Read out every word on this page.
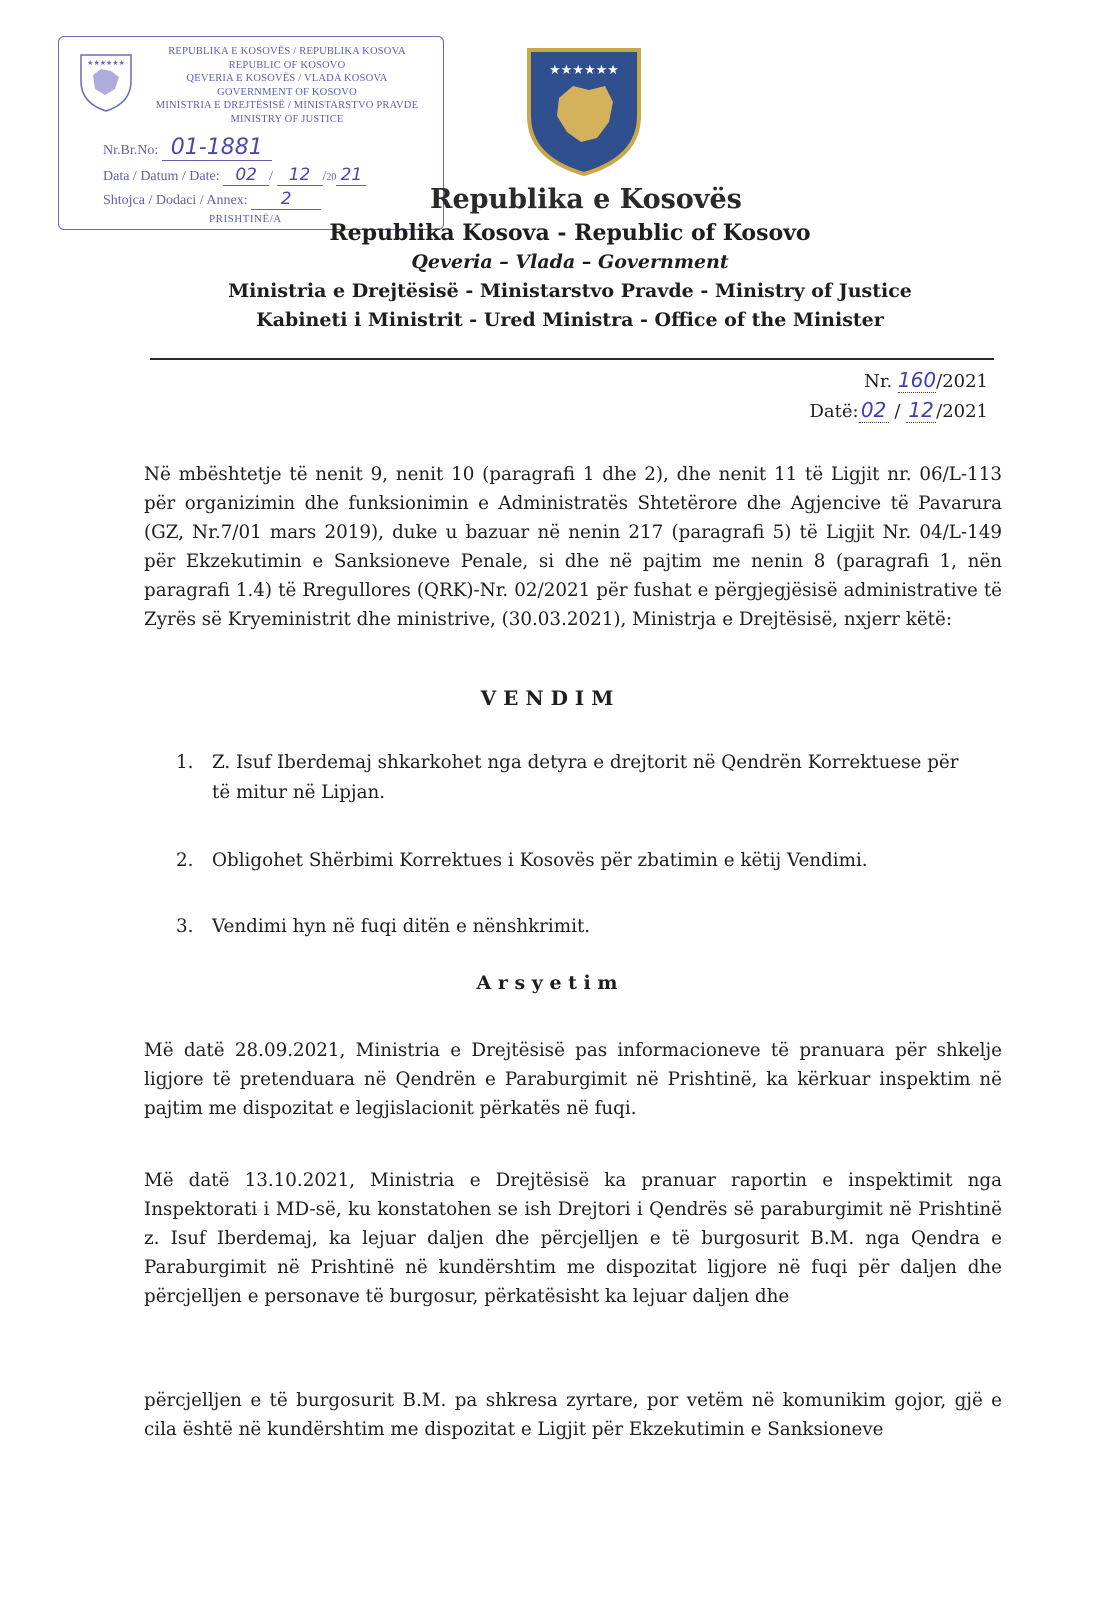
★★★★★★
REPUBLIKA E KOSOVËS / REPUBLIKA KOSOVA
REPUBLIC OF KOSOVO
QEVERIA E KOSOVËS / VLADA KOSOVA
GOVERNMENT OF KOSOVO
MINISTRIA E DREJTËSISË / MINISTARSTVO PRAVDE
MINISTRY OF JUSTICE
Nr.Br.No: 01-1881
Data / Datum / Date: 02 / 12 /20 21
Shtojca / Dodaci / Annex: 2
PRISHTINË/A
★★★★★★
Republika e Kosovës
Republika Kosova - Republic of Kosovo
Qeveria – Vlada – Government
Ministria e Drejtësisë - Ministarstvo Pravde - Ministry of Justice
Kabineti i Ministrit - Ured Ministra - Office of the Minister
Nr. 160/2021
Datë: 02 / 12 /2021
Në mbështetje të nenit 9, nenit 10 (paragrafi 1 dhe 2), dhe nenit 11 të Ligjit nr. 06/L-113 për organizimin dhe funksionimin e Administratës Shtetërore dhe Agjencive të Pavarura (GZ, Nr.7/01 mars 2019), duke u bazuar në nenin 217 (paragrafi 5) të Ligjit Nr. 04/L-149 për Ekzekutimin e Sanksioneve Penale, si dhe në pajtim me nenin 8 (paragrafi 1, nën paragrafi 1.4) të Rregullores (QRK)-Nr. 02/2021 për fushat e përgjegjësisë administrative të Zyrës së Kryeministrit dhe ministrive, (30.03.2021), Ministrja e Drejtësisë, nxjerr këtë:
V E N D I M
1.	Z. Isuf Iberdemaj shkarkohet nga detyra e drejtorit në Qendrën Korrektuese për të mitur në Lipjan.
2.	Obligohet Shërbimi Korrektues i Kosovës për zbatimin e këtij Vendimi.
3.	Vendimi hyn në fuqi ditën e nënshkrimit.
A r s y e t i m
Më datë 28.09.2021, Ministria e Drejtësisë pas informacioneve të pranuara për shkelje ligjore të pretenduara në Qendrën e Paraburgimit në Prishtinë, ka kërkuar inspektim në pajtim me dispozitat e legjislacionit përkatës në fuqi.
Më datë 13.10.2021, Ministria e Drejtësisë ka pranuar raportin e inspektimit nga Inspektorati i MD-së, ku konstatohen se ish Drejtori i Qendrës së paraburgimit në Prishtinë z. Isuf Iberdemaj, ka lejuar daljen dhe përcjelljen e të burgosurit B.M. nga Qendra e Paraburgimit në Prishtinë në kundërshtim me dispozitat ligjore në fuqi për daljen dhe përcjelljen e personave të burgosur, përkatësisht ka lejuar daljen dhe
përcjelljen e të burgosurit B.M. pa shkresa zyrtare, por vetëm në komunikim gojor, gjë e cila është në kundërshtim me dispozitat e Ligjit për Ekzekutimin e Sanksioneve
